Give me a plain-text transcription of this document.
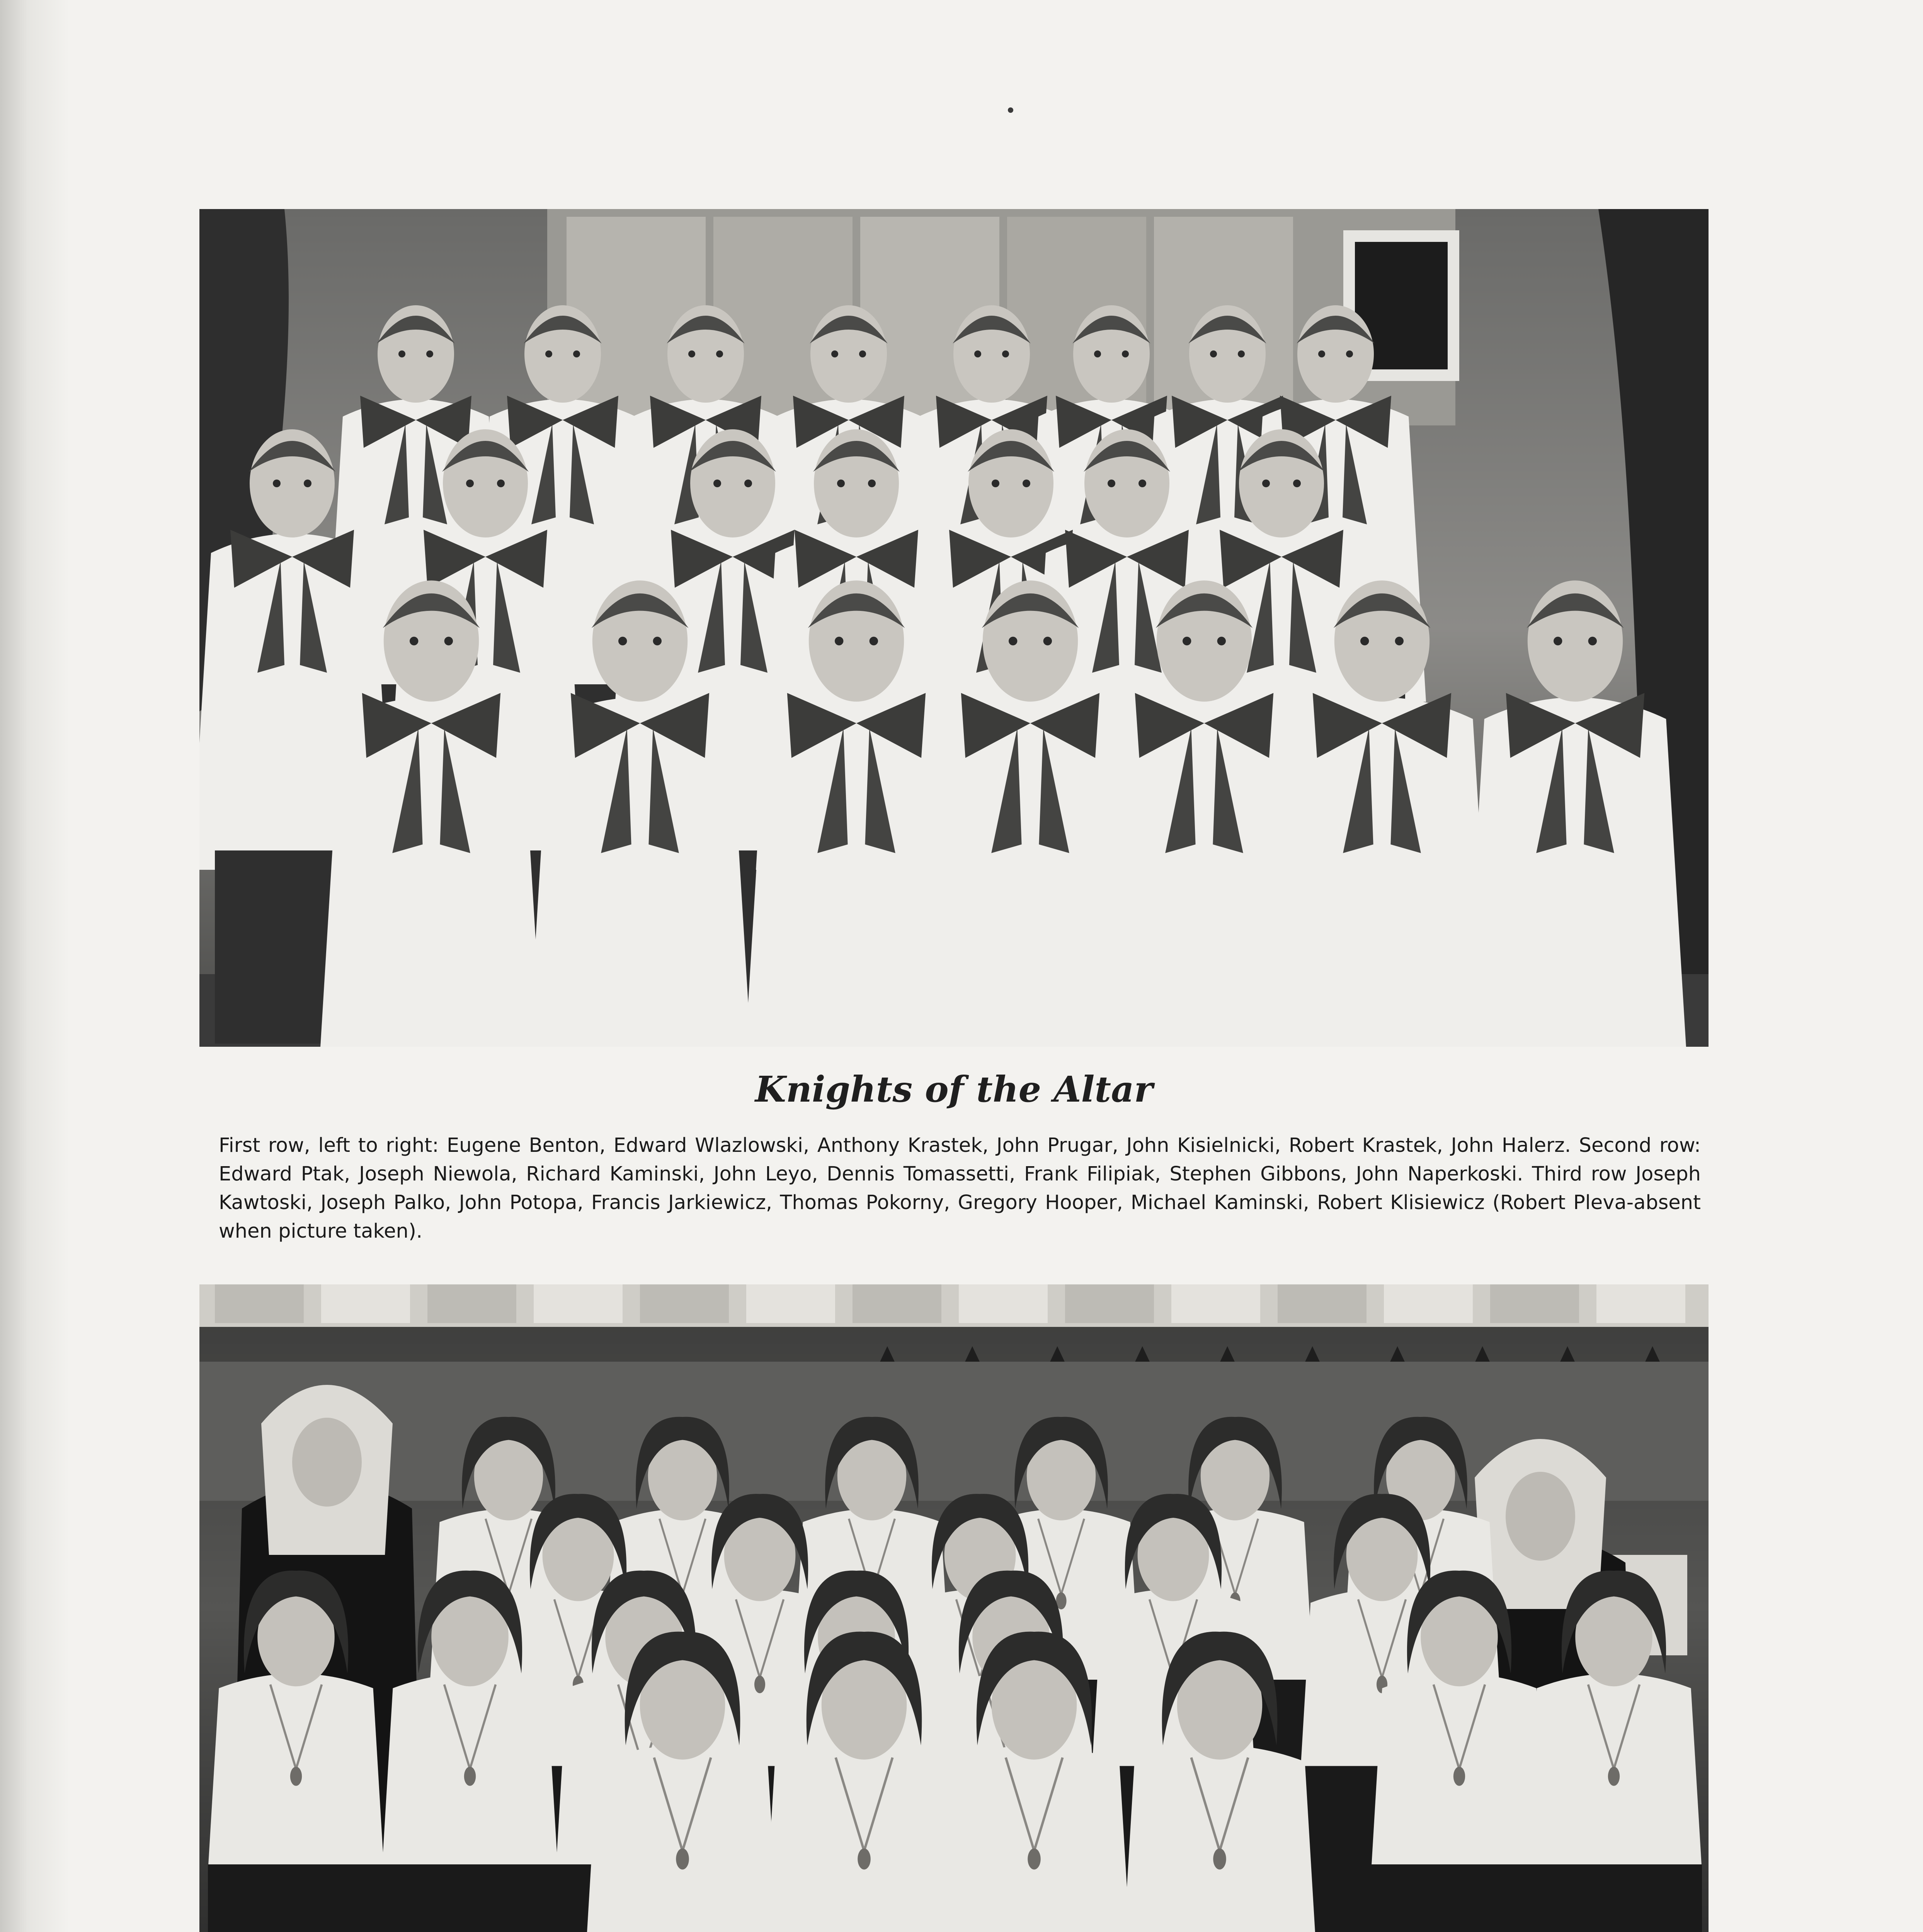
Knights of the Altar

First row, left to right: Eugene Benton, Edward Wlazlowski, Anthony Krastek, John Prugar, John Kisielnicki, Robert Krastek, John Halerz. Second row: Edward Ptak, Joseph Niewola, Richard Kaminski, John Leyo, Dennis Tomassetti, Frank Filipiak, Stephen Gibbons, John Naperkoski. Third row Joseph Kawtoski, Joseph Palko, John Potopa, Francis Jarkiewicz, Thomas Pokorny, Gregory Hooper, Michael Kaminski, Robert Klisiewicz (Robert Pleva-absent when picture taken).
